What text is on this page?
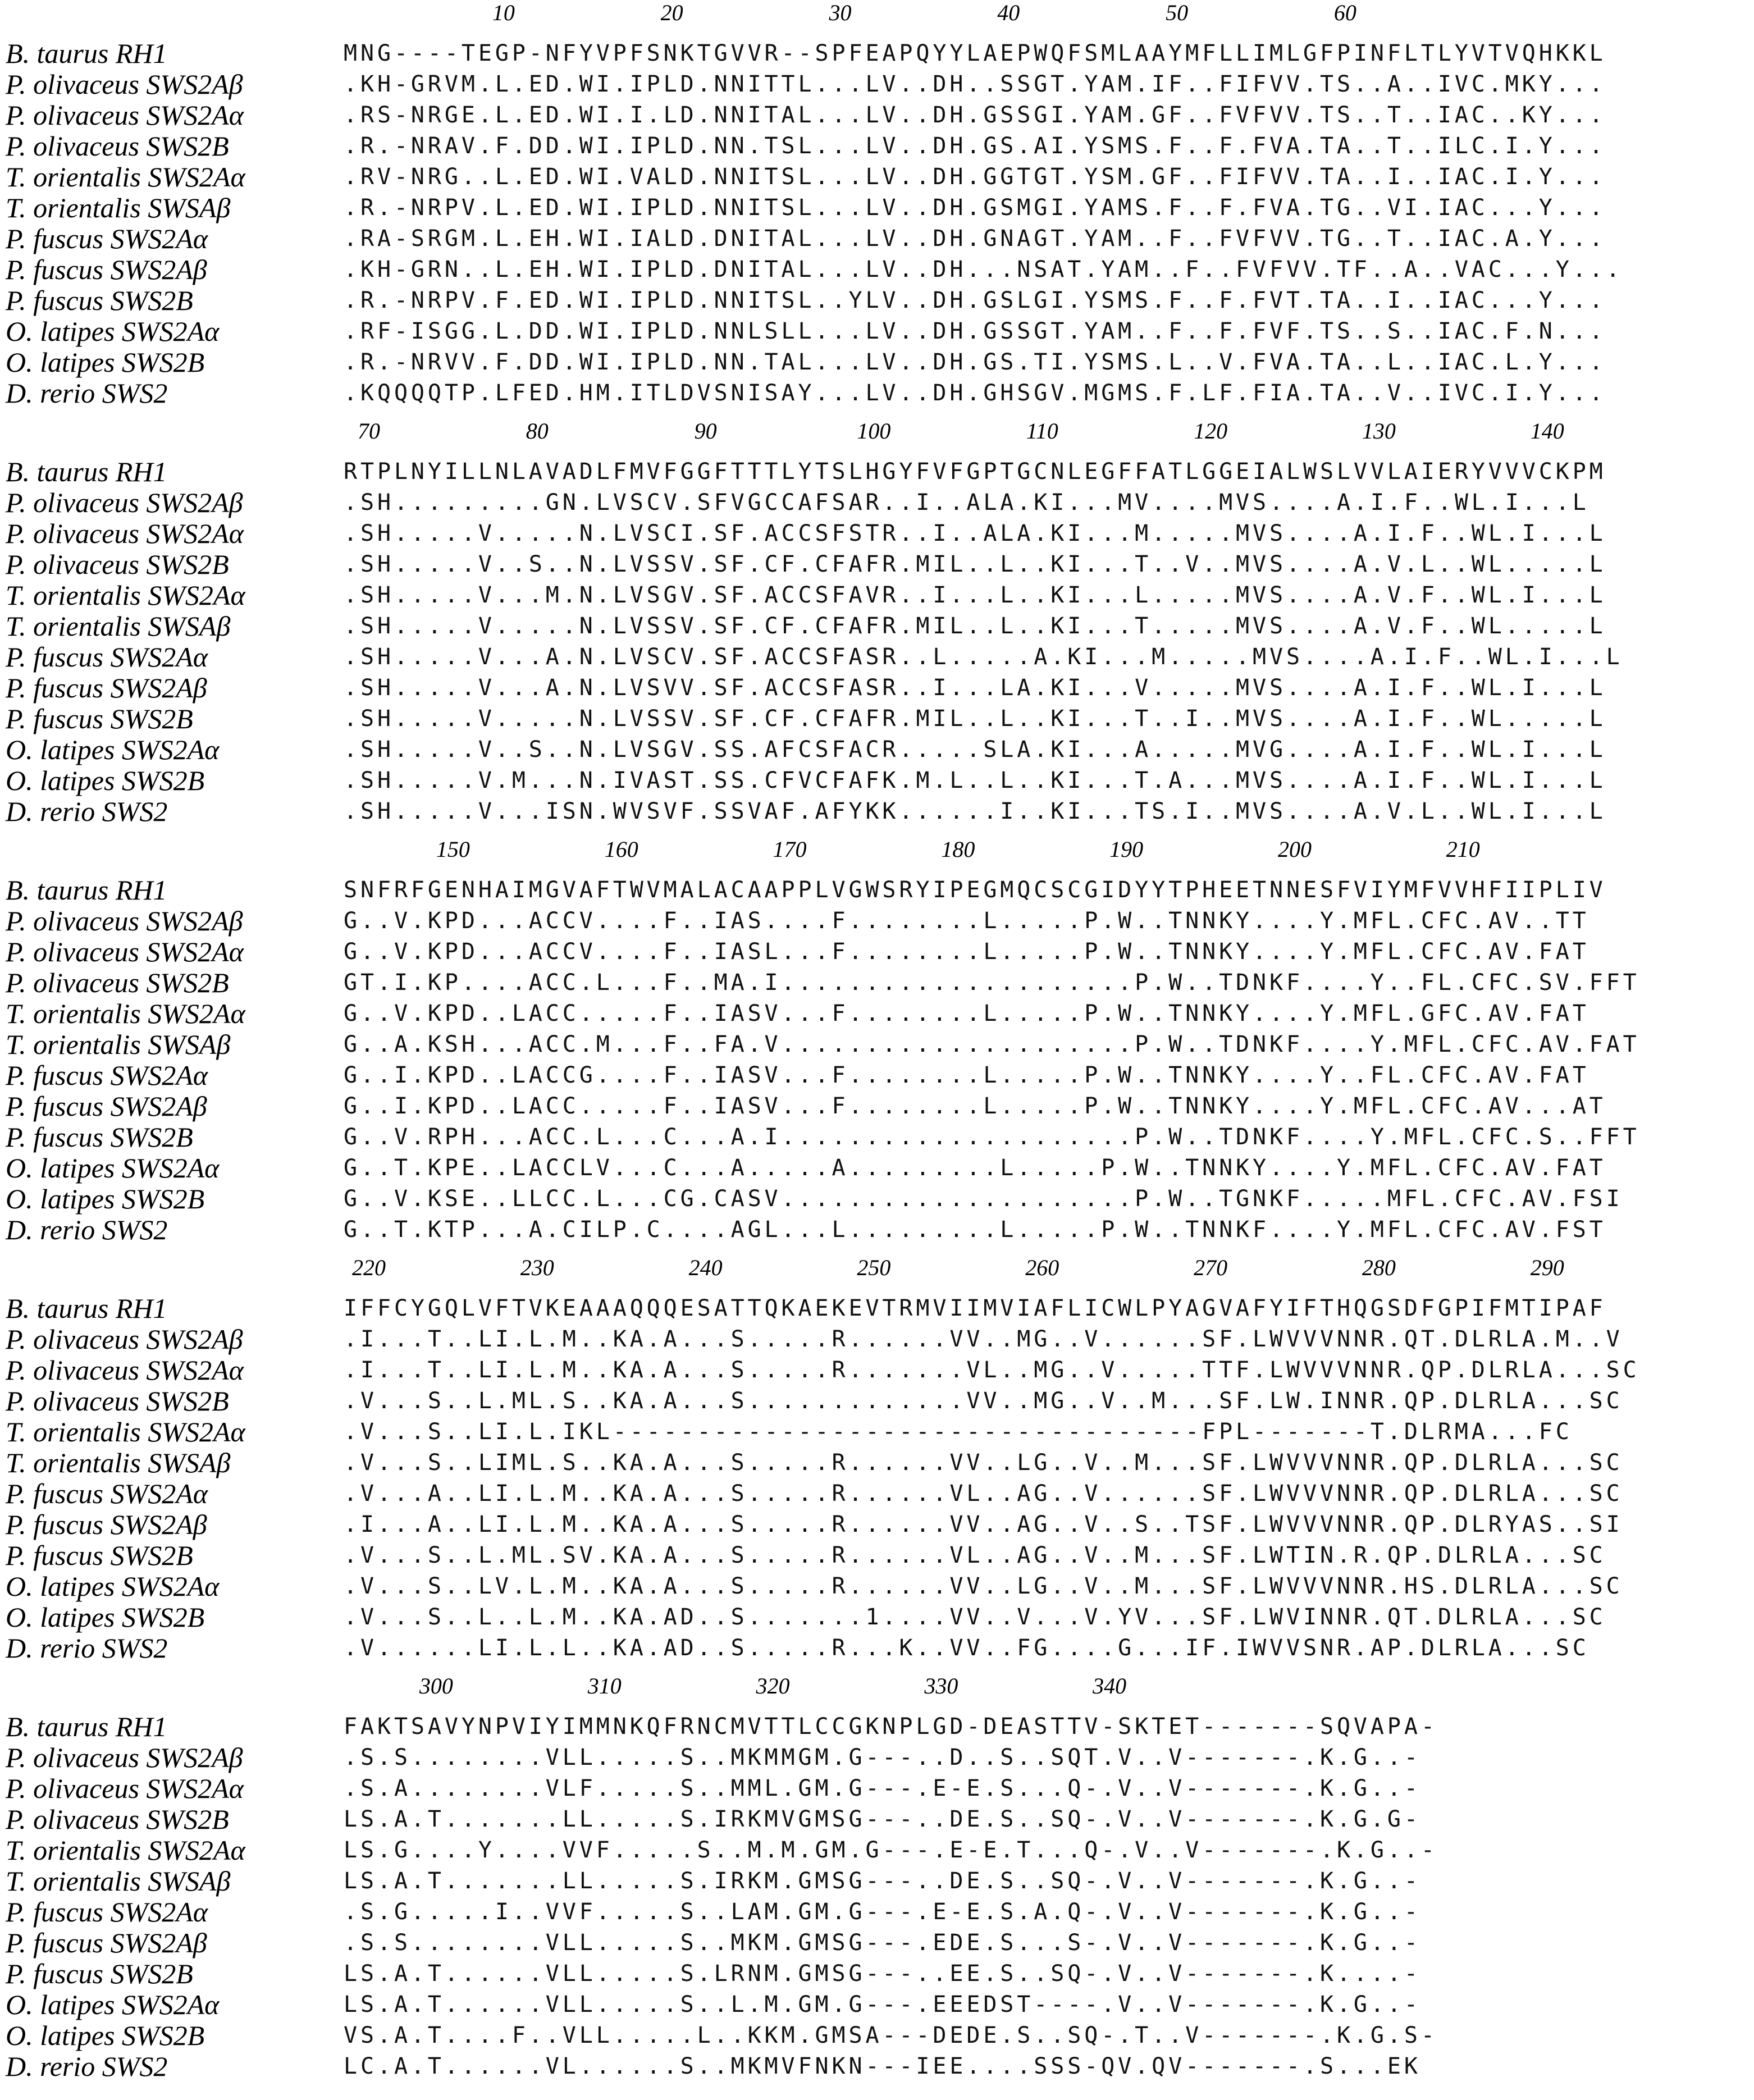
10	20	30	40	50	60
B. taurus RH1	MNG----TEGP-NFYVPFSNKTGVVR--SPFEAPQYYLAEPWQFSMLAAYMFLLIMLGFPINFLTLYVTVQHKKL
P. olivaceus SWS2Aβ	.KH-GRVM.L.ED.WI.IPLD.NNITTL...LV..DH..SSGT.YAM.IF..FIFVV.TS..A..IVC.MKY...
P. olivaceus SWS2Aα	.RS-NRGE.L.ED.WI.I.LD.NNITAL...LV..DH.GSSGI.YAM.GF..FVFVV.TS..T..IAC..KY...
P. olivaceus SWS2B	.R.-NRAV.F.DD.WI.IPLD.NN.TSL...LV..DH.GS.AI.YSMS.F..F.FVA.TA..T..ILC.I.Y...
T. orientalis SWS2Aα	.RV-NRG..L.ED.WI.VALD.NNITSL...LV..DH.GGTGT.YSM.GF..FIFVV.TA..I..IAC.I.Y...
T. orientalis SWSAβ	.R.-NRPV.L.ED.WI.IPLD.NNITSL...LV..DH.GSMGI.YAMS.F..F.FVA.TG..VI.IAC...Y...
P. fuscus SWS2Aα	.RA-SRGM.L.EH.WI.IALD.DNITAL...LV..DH.GNAGT.YAM..F..FVFVV.TG..T..IAC.A.Y...
P. fuscus SWS2Aβ	.KH-GRN..L.EH.WI.IPLD.DNITAL...LV..DH...NSAT.YAM..F..FVFVV.TF..A..VAC...Y...
P. fuscus SWS2B	.R.-NRPV.F.ED.WI.IPLD.NNITSL..YLV..DH.GSLGI.YSMS.F..F.FVT.TA..I..IAC...Y...
O. latipes SWS2Aα	.RF-ISGG.L.DD.WI.IPLD.NNLSLL...LV..DH.GSSGT.YAM..F..F.FVF.TS..S..IAC.F.N...
O. latipes SWS2B	.R.-NRVV.F.DD.WI.IPLD.NN.TAL...LV..DH.GS.TI.YSMS.L..V.FVA.TA..L..IAC.L.Y...
D. rerio SWS2	.KQQQQTP.LFED.HM.ITLDVSNISAY...LV..DH.GHSGV.MGMS.F.LF.FIA.TA..V..IVC.I.Y...
70	80	90	100	110	120	130	140
B. taurus RH1	RTPLNYILLNLAVADLFMVFGGFTTTLYTSLHGYFVFGPTGCNLEGFFATLGGEIALWSLVVLAIERYVVVCKPM
P. olivaceus SWS2Aβ	.SH.........GN.LVSCV.SFVGCCAFSAR..I..ALA.KI...MV....MVS....A.I.F..WL.I...L
P. olivaceus SWS2Aα	.SH.....V.....N.LVSCI.SF.ACCSFSTR..I..ALA.KI...M.....MVS....A.I.F..WL.I...L
P. olivaceus SWS2B	.SH.....V..S..N.LVSSV.SF.CF.CFAFR.MIL..L..KI...T..V..MVS....A.V.L..WL.....L
T. orientalis SWS2Aα	.SH.....V...M.N.LVSGV.SF.ACCSFAVR..I...L..KI...L.....MVS....A.V.F..WL.I...L
T. orientalis SWSAβ	.SH.....V.....N.LVSSV.SF.CF.CFAFR.MIL..L..KI...T.....MVS....A.V.F..WL.....L
P. fuscus SWS2Aα	.SH.....V...A.N.LVSCV.SF.ACCSFASR..L.....A.KI...M.....MVS....A.I.F..WL.I...L
P. fuscus SWS2Aβ	.SH.....V...A.N.LVSVV.SF.ACCSFASR..I...LA.KI...V.....MVS....A.I.F..WL.I...L
P. fuscus SWS2B	.SH.....V.....N.LVSSV.SF.CF.CFAFR.MIL..L..KI...T..I..MVS....A.I.F..WL.....L
O. latipes SWS2Aα	.SH.....V..S..N.LVSGV.SS.AFCSFACR.....SLA.KI...A.....MVG....A.I.F..WL.I...L
O. latipes SWS2B	.SH.....V.M...N.IVAST.SS.CFVCFAFK.M.L..L..KI...T.A...MVS....A.I.F..WL.I...L
D. rerio SWS2	.SH.....V...ISN.WVSVF.SSVAF.AFYKK......I..KI...TS.I..MVS....A.V.L..WL.I...L
150	160	170	180	190	200	210
B. taurus RH1	SNFRFGENHAIMGVAFTWVMALACAAPPLVGWSRYIPEGMQCSCGIDYYTPHEETNNESFVIYMFVVHFIIPLIV
P. olivaceus SWS2Aβ	G..V.KPD...ACCV....F..IAS....F........L.....P.W..TNNKY....Y.MFL.CFC.AV..TT
P. olivaceus SWS2Aα	G..V.KPD...ACCV....F..IASL...F........L.....P.W..TNNKY....Y.MFL.CFC.AV.FAT
P. olivaceus SWS2B	GT.I.KP....ACC.L...F..MA.I.....................P.W..TDNKF....Y..FL.CFC.SV.FFT
T. orientalis SWS2Aα	G..V.KPD..LACC.....F..IASV...F........L.....P.W..TNNKY....Y.MFL.GFC.AV.FAT
T. orientalis SWSAβ	G..A.KSH...ACC.M...F..FA.V.....................P.W..TDNKF....Y.MFL.CFC.AV.FAT
P. fuscus SWS2Aα	G..I.KPD..LACCG....F..IASV...F........L.....P.W..TNNKY....Y..FL.CFC.AV.FAT
P. fuscus SWS2Aβ	G..I.KPD..LACC.....F..IASV...F........L.....P.W..TNNKY....Y.MFL.CFC.AV...AT
P. fuscus SWS2B	G..V.RPH...ACC.L...C...A.I.....................P.W..TDNKF....Y.MFL.CFC.S..FFT
O. latipes SWS2Aα	G..T.KPE..LACCLV...C...A.....A.........L.....P.W..TNNKY....Y.MFL.CFC.AV.FAT
O. latipes SWS2B	G..V.KSE..LLCC.L...CG.CASV.....................P.W..TGNKF.....MFL.CFC.AV.FSI
D. rerio SWS2	G..T.KTP...A.CILP.C....AGL...L.........L.....P.W..TNNKF....Y.MFL.CFC.AV.FST
220	230	240	250	260	270	280	290
B. taurus RH1	IFFCYGQLVFTVKEAAAQQQESATTQKAEKEVTRMVIIMVIAFLICWLPYAGVAFYIFTHQGSDFGPIFMTIPAF
P. olivaceus SWS2Aβ	.I...T..LI.L.M..KA.A...S.....R......VV..MG..V......SF.LWVVVNNR.QT.DLRLA.M..V
P. olivaceus SWS2Aα	.I...T..LI.L.M..KA.A...S.....R.......VL..MG..V.....TTF.LWVVVNNR.QP.DLRLA...SC
P. olivaceus SWS2B	.V...S..L.ML.S..KA.A...S.............VV..MG..V..M...SF.LW.INNR.QP.DLRLA...SC
T. orientalis SWS2Aα	.V...S..LI.L.IKL-----------------------------------FPL-------T.DLRMA...FC
T. orientalis SWSAβ	.V...S..LIML.S..KA.A...S.....R......VV..LG..V..M...SF.LWVVVNNR.QP.DLRLA...SC
P. fuscus SWS2Aα	.V...A..LI.L.M..KA.A...S.....R......VL..AG..V......SF.LWVVVNNR.QP.DLRLA...SC
P. fuscus SWS2Aβ	.I...A..LI.L.M..KA.A...S.....R......VV..AG..V..S..TSF.LWVVVNNR.QP.DLRYAS..SI
P. fuscus SWS2B	.V...S..L.ML.SV.KA.A...S.....R......VL..AG..V..M...SF.LWTIN.R.QP.DLRLA...SC
O. latipes SWS2Aα	.V...S..LV.L.M..KA.A...S.....R......VV..LG..V..M...SF.LWVVVNNR.HS.DLRLA...SC
O. latipes SWS2B	.V...S..L..L.M..KA.AD..S.......1....VV..V...V.YV...SF.LWVINNR.QT.DLRLA...SC
D. rerio SWS2	.V......LI.L.L..KA.AD..S.....R...K..VV..FG....G...IF.IWVVSNR.AP.DLRLA...SC
300	310	320	330	340
B. taurus RH1	FAKTSAVYNPVIYIMMNKQFRNCMVTTLCCGKNPLGD-DEASTTV-SKTET-------SQVAPA-
P. olivaceus SWS2Aβ	.S.S........VLL.....S..MKMMGM.G---..D..S..SQT.V..V-------.K.G..-
P. olivaceus SWS2Aα	.S.A........VLF.....S..MML.GM.G---.E-E.S...Q-.V..V-------.K.G..-
P. olivaceus SWS2B	LS.A.T.......LL.....S.IRKMVGMSG---..DE.S..SQ-.V..V-------.K.G.G-
T. orientalis SWS2Aα	LS.G....Y....VVF.....S..M.M.GM.G---.E-E.T...Q-.V..V-------.K.G..-
T. orientalis SWSAβ	LS.A.T.......LL.....S.IRKM.GMSG---..DE.S..SQ-.V..V-------.K.G..-
P. fuscus SWS2Aα	.S.G.....I..VVF.....S..LAM.GM.G---.E-E.S.A.Q-.V..V-------.K.G..-
P. fuscus SWS2Aβ	.S.S........VLL.....S..MKM.GMSG---.EDE.S...S-.V..V-------.K.G..-
P. fuscus SWS2B	LS.A.T......VLL.....S.LRNM.GMSG---..EE.S..SQ-.V..V-------.K....-
O. latipes SWS2Aα	LS.A.T......VLL.....S..L.M.GM.G---.EEEDST----.V..V-------.K.G..-
O. latipes SWS2B	VS.A.T....F..VLL.....L..KKM.GMSA---DEDE.S..SQ-.T..V-------.K.G.S-
D. rerio SWS2	LC.A.T......VL......S..MKMVFNKN---IEE....SSS-QV.QV-------.S...EK
